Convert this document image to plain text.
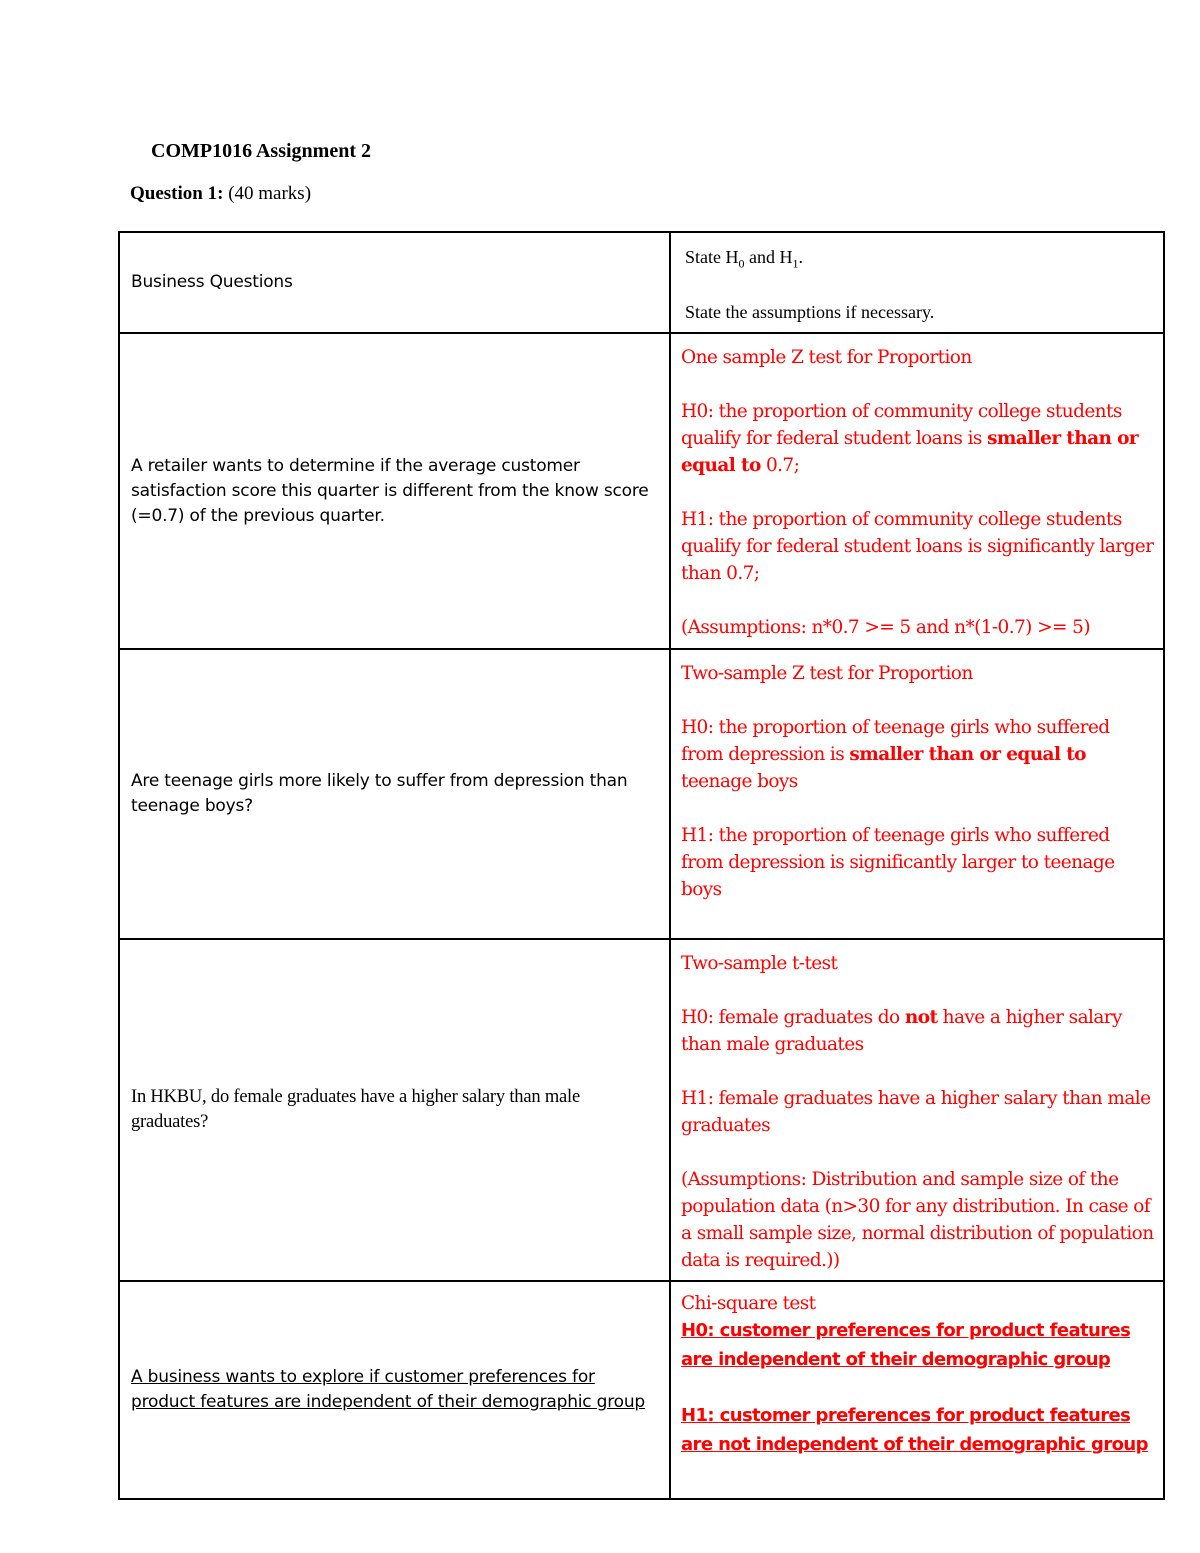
COMP1016 Assignment 2

Question 1: (40 marks)

Business Questions	State $H_0$ and $H_1$.

State the assumptions if necessary.

A retailer wants to determine if the average customer satisfaction score this quarter is different from the know score (=0.7) of the previous quarter.	One sample Z test for Proportion

H0: the proportion of community college students qualify for federal student loans is smaller than or equal to 0.7;

H1: the proportion of community college students qualify for federal student loans is significantly larger than 0.7;

(Assumptions: n*0.7 >= 5 and n*(1-0.7) >= 5)

Are teenage girls more likely to suffer from depression than teenage boys?	Two-sample Z test for Proportion

H0: the proportion of teenage girls who suffered from depression is smaller than or equal to teenage boys

H1: the proportion of teenage girls who suffered from depression is significantly larger to teenage boys

In HKBU, do female graduates have a higher salary than male graduates?	Two-sample t-test

H0: female graduates do not have a higher salary than male graduates

H1: female graduates have a higher salary than male graduates

(Assumptions: Distribution and sample size of the population data (n>30 for any distribution. In case of a small sample size, normal distribution of population data is required.))

A business wants to explore if customer preferences for product features are independent of their demographic group	Chi-square test

H0: customer preferences for product features are independent of their demographic group

H1: customer preferences for product features are not independent of their demographic group
